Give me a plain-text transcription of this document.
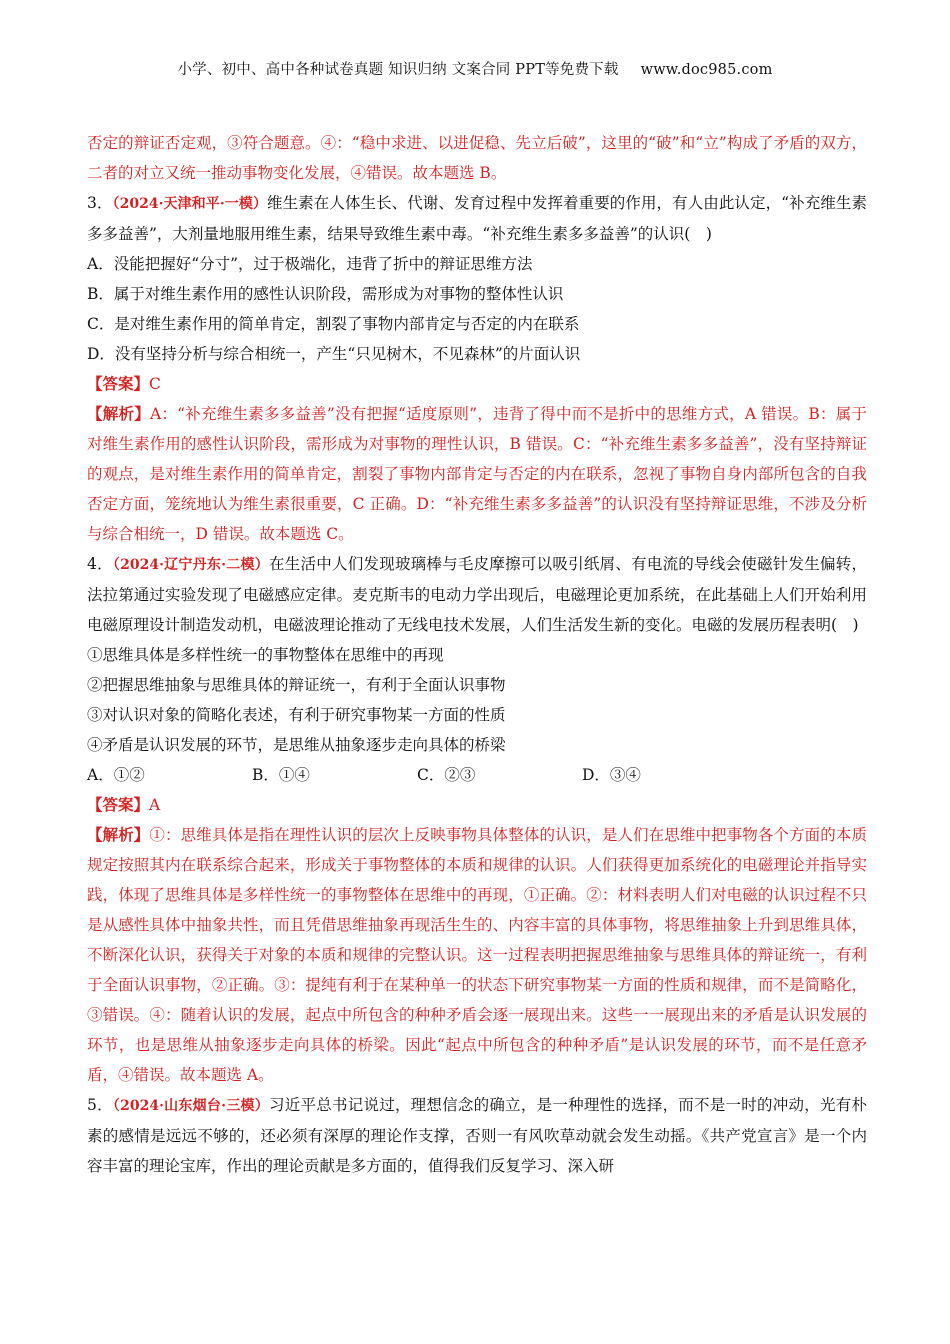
小学、初中、高中各种试卷真题 知识归纳 文案合同 PPT等免费下载 www.doc985.com

否定的辩证否定观，③符合题意。④：“稳中求进、以进促稳、先立后破”，这里的“破”和“立”构成了矛盾的双方，二者的对立又统一推动事物变化发展，④错误。故本题选 B。

3．（2024·天津和平·一模）维生素在人体生长、代谢、发育过程中发挥着重要的作用，有人由此认定，“补充维生素多多益善”，大剂量地服用维生素，结果导致维生素中毒。“补充维生素多多益善”的认识(　)

A．没能把握好“分寸”，过于极端化，违背了折中的辩证思维方法

B．属于对维生素作用的感性认识阶段，需形成为对事物的整体性认识

C．是对维生素作用的简单肯定，割裂了事物内部肯定与否定的内在联系

D．没有坚持分析与综合相统一，产生“只见树木，不见森林”的片面认识

【答案】C

【解析】A：“补充维生素多多益善”没有把握“适度原则”，违背了得中而不是折中的思维方式，A 错误。B：属于对维生素作用的感性认识阶段，需形成为对事物的理性认识，B 错误。C：“补充维生素多多益善”，没有坚持辩证的观点，是对维生素作用的简单肯定，割裂了事物内部肯定与否定的内在联系，忽视了事物自身内部所包含的自我否定方面，笼统地认为维生素很重要，C 正确。D：“补充维生素多多益善”的认识没有坚持辩证思维，不涉及分析与综合相统一，D 错误。故本题选 C。

4．（2024·辽宁丹东·二模）在生活中人们发现玻璃棒与毛皮摩擦可以吸引纸屑、有电流的导线会使磁针发生偏转，法拉第通过实验发现了电磁感应定律。麦克斯韦的电动力学出现后，电磁理论更加系统，在此基础上人们开始利用电磁原理设计制造发动机，电磁波理论推动了无线电技术发展，人们生活发生新的变化。电磁的发展历程表明(　)

①思维具体是多样性统一的事物整体在思维中的再现

②把握思维抽象与思维具体的辩证统一，有利于全面认识事物

③对认识对象的简略化表述，有利于研究事物某一方面的性质

④矛盾是认识发展的环节，是思维从抽象逐步走向具体的桥梁

A．①②	B．①④	C．②③	D．③④

【答案】A

【解析】①：思维具体是指在理性认识的层次上反映事物具体整体的认识，是人们在思维中把事物各个方面的本质规定按照其内在联系综合起来，形成关于事物整体的本质和规律的认识。人们获得更加系统化的电磁理论并指导实践，体现了思维具体是多样性统一的事物整体在思维中的再现，①正确。②：材料表明人们对电磁的认识过程不只是从感性具体中抽象共性，而且凭借思维抽象再现活生生的、内容丰富的具体事物，将思维抽象上升到思维具体，不断深化认识，获得关于对象的本质和规律的完整认识。这一过程表明把握思维抽象与思维具体的辩证统一，有利于全面认识事物，②正确。③：提纯有利于在某种单一的状态下研究事物某一方面的性质和规律，而不是简略化，③错误。④：随着认识的发展，起点中所包含的种种矛盾会逐一展现出来。这些一一展现出来的矛盾是认识发展的环节，也是思维从抽象逐步走向具体的桥梁。因此“起点中所包含的种种矛盾”是认识发展的环节，而不是任意矛盾，④错误。故本题选 A。

5．（2024·山东烟台·三模）习近平总书记说过，理想信念的确立，是一种理性的选择，而不是一时的冲动，光有朴素的感情是远远不够的，还必须有深厚的理论作支撑，否则一有风吹草动就会发生动摇。《共产党宣言》是一个内容丰富的理论宝库，作出的理论贡献是多方面的，值得我们反复学习、深入研
